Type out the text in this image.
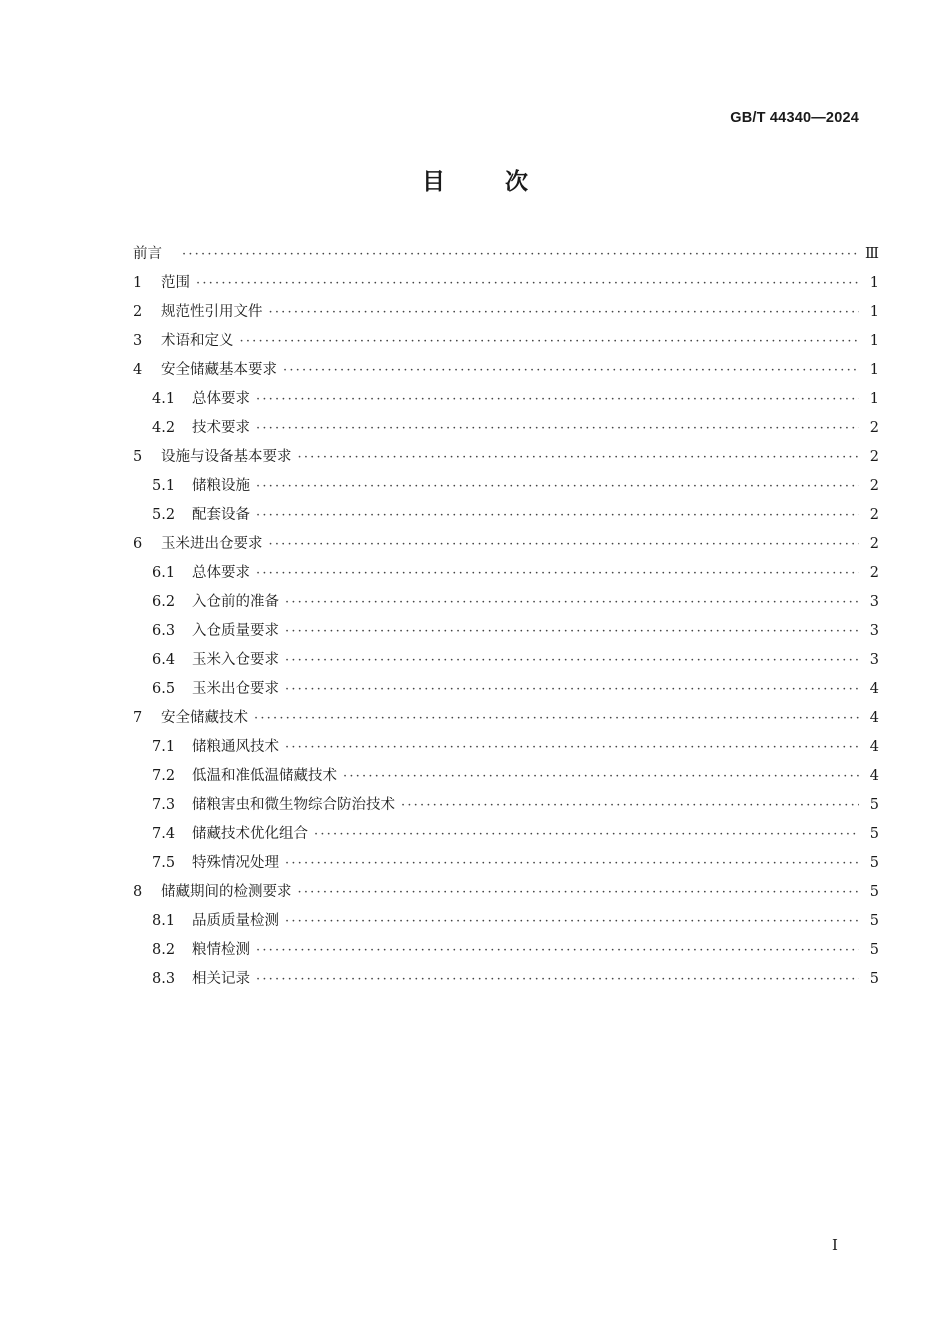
GB/T 44340—2024
目	次
前言 ·····	Ⅲ
1	范围 ·····	1
2	规范性引用文件 ·····	1
3	术语和定义 ·····	1
4	安全储藏基本要求 ·····	1
4.1	总体要求 ·····	1
4.2	技术要求 ·····	2
5	设施与设备基本要求 ·····	2
5.1	储粮设施 ·····	2
5.2	配套设备 ·····	2
6	玉米进出仓要求 ·····	2
6.1	总体要求 ·····	2
6.2	入仓前的准备 ·····	3
6.3	入仓质量要求 ·····	3
6.4	玉米入仓要求 ·····	3
6.5	玉米出仓要求 ·····	4
7	安全储藏技术 ·····	4
7.1	储粮通风技术 ·····	4
7.2	低温和准低温储藏技术 ·····	4
7.3	储粮害虫和微生物综合防治技术 ·····	5
7.4	储藏技术优化组合 ·····	5
7.5	特殊情况处理 ·····	5
8	储藏期间的检测要求 ·····	5
8.1	品质质量检测 ·····	5
8.2	粮情检测 ·····	5
8.3	相关记录 ·····	5
I
